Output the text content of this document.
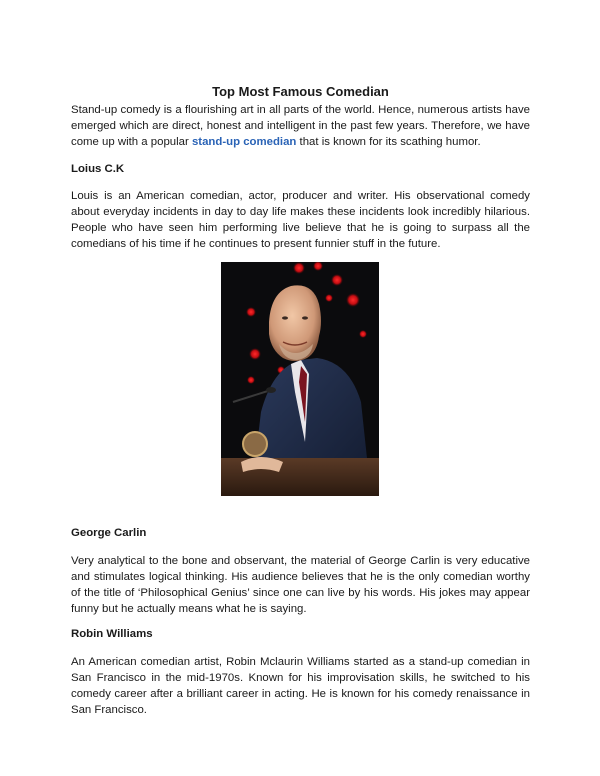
Top Most Famous Comedian

Stand-up comedy is a flourishing art in all parts of the world. Hence, numerous artists have emerged which are direct, honest and intelligent in the past few years. Therefore, we have come up with a popular stand-up comedian that is known for its scathing humor.

Loius C.K

Louis is an American comedian, actor, producer and writer. His observational comedy about everyday incidents in day to day life makes these incidents look incredibly hilarious. People who have seen him performing live believe that he is going to surpass all the comedians of his time if he continues to present funnier stuff in the future.

George Carlin

Very analytical to the bone and observant, the material of George Carlin is very educative and stimulates logical thinking. His audience believes that he is the only comedian worthy of the title of ‘Philosophical Genius’ since one can live by his words. His jokes may appear funny but he actually means what he is saying.

Robin Williams

An American comedian artist, Robin Mclaurin Williams started as a stand-up comedian in San Francisco in the mid-1970s. Known for his improvisation skills, he switched to his comedy career after a brilliant career in acting. He is known for his comedy renaissance in San Francisco.
